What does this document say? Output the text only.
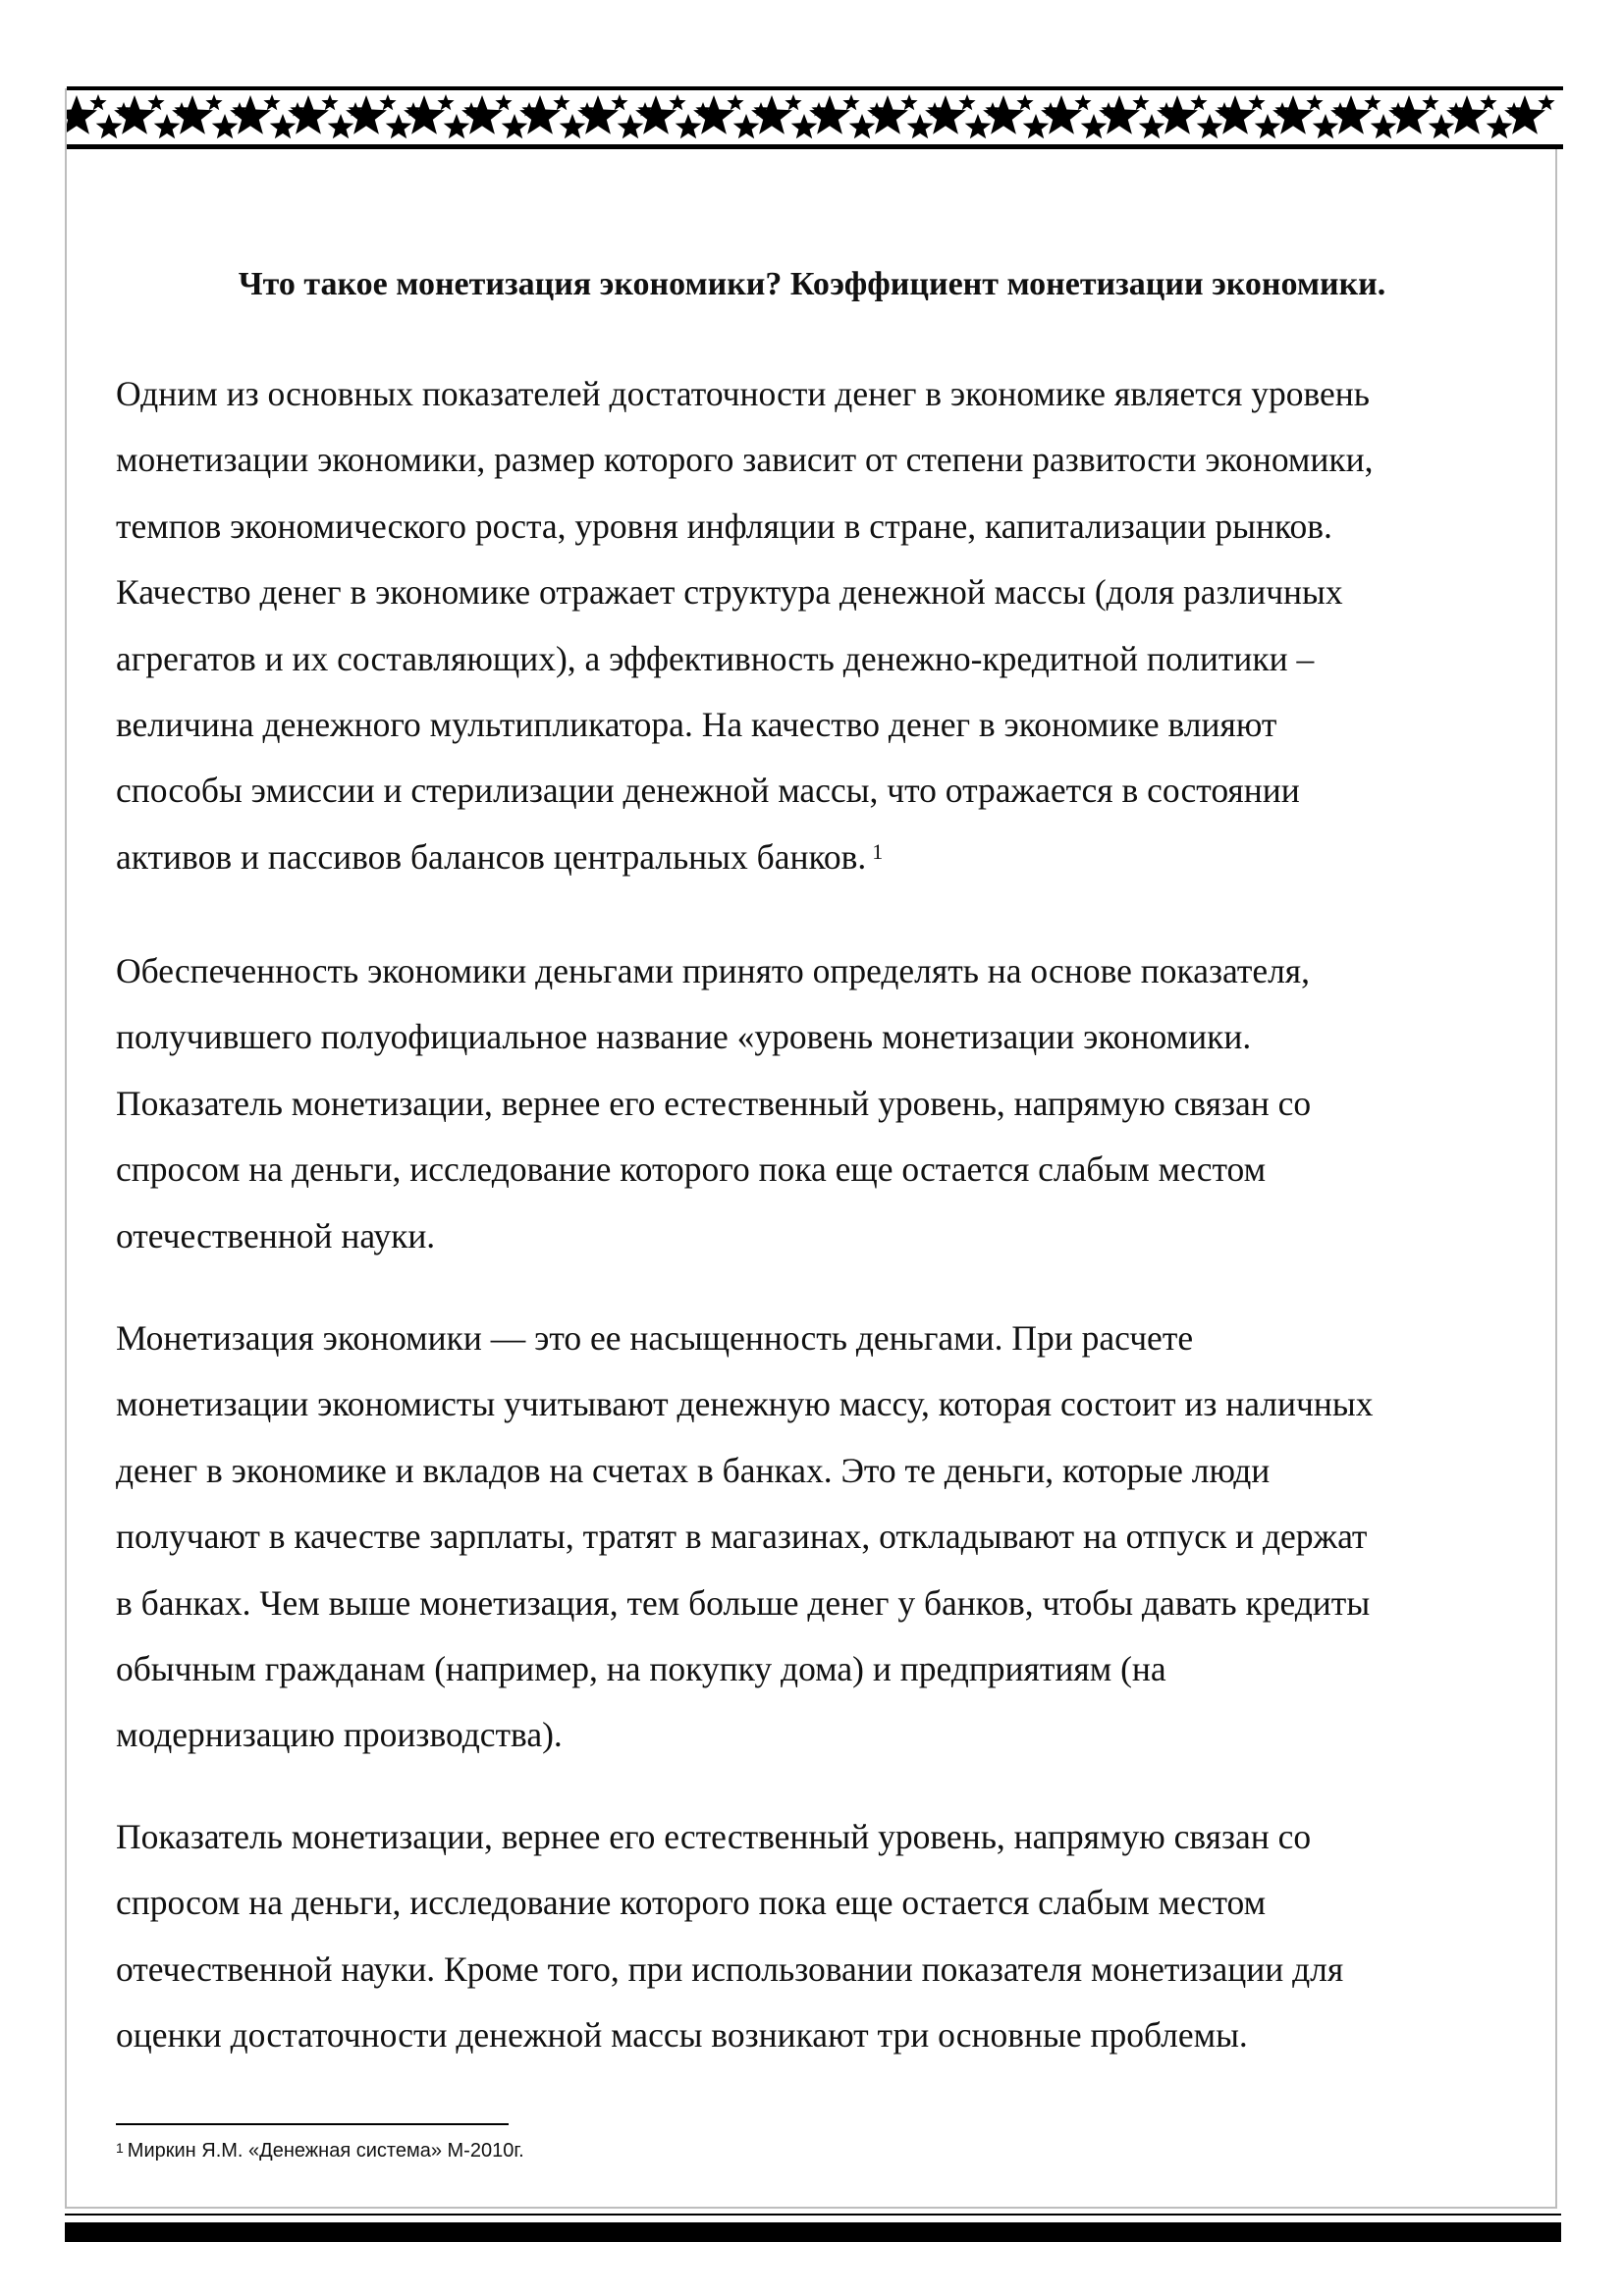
Что такое монетизация экономики? Коэффициент монетизации экономики.

Одним из основных показателей достаточности денег в экономике является уровень
монетизации экономики, размер которого зависит от степени развитости экономики,
темпов экономического роста, уровня инфляции в стране, капитализации рынков.
Качество денег в экономике отражает структура денежной массы (доля различных
агрегатов и их составляющих), а эффективность денежно-кредитной политики –
величина денежного мультипликатора. На качество денег в экономике влияют
способы эмиссии и стерилизации денежной массы, что отражается в состоянии
активов и пассивов балансов центральных банков. $^1$

Обеспеченность экономики деньгами принято определять на основе показателя,
получившего полуофициальное название «уровень монетизации экономики.
Показатель монетизации, вернее его естественный уровень, напрямую связан со
спросом на деньги, исследование которого пока еще остается слабым местом
отечественной науки.

Монетизация экономики — это ее насыщенность деньгами. При расчете
монетизации экономисты учитывают денежную массу, которая состоит из наличных
денег в экономике и вкладов на счетах в банках. Это те деньги, которые люди
получают в качестве зарплаты, тратят в магазинах, откладывают на отпуск и держат
в банках. Чем выше монетизация, тем больше денег у банков, чтобы давать кредиты
обычным гражданам (например, на покупку дома) и предприятиям (на
модернизацию производства).

Показатель монетизации, вернее его естественный уровень, напрямую связан со
спросом на деньги, исследование которого пока еще остается слабым местом
отечественной науки. Кроме того, при использовании показателя монетизации для
оценки достаточности денежной массы возникают три основные проблемы.

$^1$ Миркин Я.М. «Денежная система» М-2010г.
